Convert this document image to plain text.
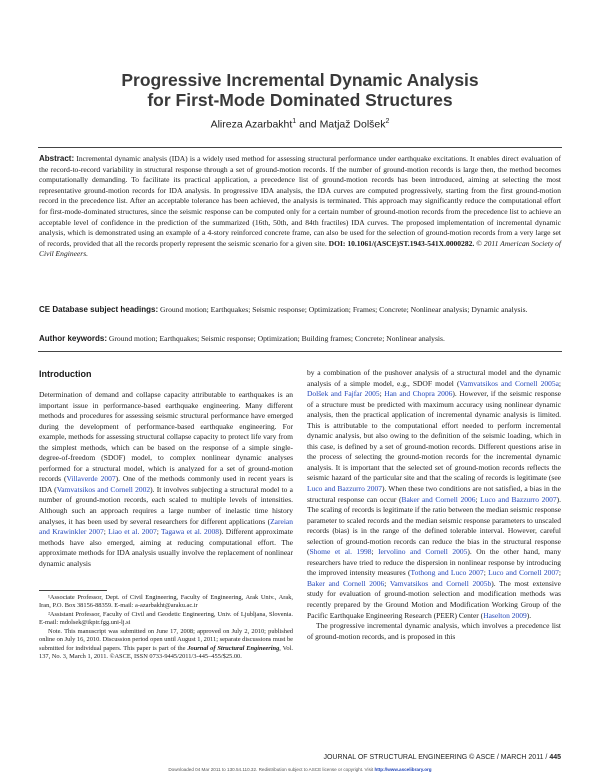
Progressive Incremental Dynamic Analysis
for First-Mode Dominated Structures
Alireza Azarbakht$^1$ and Matjaž Dolšek$^2$
Abstract: Incremental dynamic analysis (IDA) is a widely used method for assessing structural performance under earthquake excitations. It enables direct evaluation of the record-to-record variability in structural response through a set of ground-motion records. If the number of ground-motion records is large then, the method becomes computationally demanding. To facilitate its practical application, a precedence list of ground-motion records has been introduced, aiming at selecting the most representative ground-motion records for IDA analysis. In progressive IDA analysis, the IDA curves are computed progressively, starting from the first ground-motion record in the precedence list. After an acceptable tolerance has been achieved, the analysis is terminated. This approach may significantly reduce the computational effort for first-mode-dominated structures, since the seismic response can be computed only for a certain number of ground-motion records from the precedence list to achieve an acceptable level of confidence in the prediction of the summarized (16th, 50th, and 84th fractiles) IDA curves. The proposed implementation of incremental dynamic analysis, which is demonstrated using an example of a 4-story reinforced concrete frame, can also be used for the selection of ground-motion records from a very large set of records, provided that all the records properly represent the seismic scenario for a given site. DOI: 10.1061/(ASCE)ST.1943-541X.0000282. © 2011 American Society of Civil Engineers.
CE Database subject headings: Ground motion; Earthquakes; Seismic response; Optimization; Frames; Concrete; Nonlinear analysis; Dynamic analysis.
Author keywords: Ground motion; Earthquakes; Seismic response; Optimization; Building frames; Concrete; Nonlinear analysis.
Introduction

Determination of demand and collapse capacity attributable to earthquakes is an important issue in performance-based earthquake engineering. Many different methods and procedures for assessing seismic structural performance have emerged during the development of performance-based earthquake engineering. For example, methods for assessing structural collapse capacity to protect life vary from the simplest methods, which can be based on the response of a simple single-degree-of-freedom (SDOF) model, to complex nonlinear dynamic analyses performed for a structural model, which is analyzed for a set of ground-motion records (Villaverde 2007). One of the methods commonly used in recent years is IDA (Vamvatsikos and Cornell 2002). It involves subjecting a structural model to a number of ground-motion records, each scaled to multiple levels of intensities. Although such an approach requires a large number of inelastic time history analyses, it has been used by several researchers for different applications (Zareian and Krawinkler 2007; Liao et al. 2007; Tagawa et al. 2008). Different approximate methods have also emerged, aiming at reducing computational effort. The approximate methods for IDA analysis usually involve the replacement of nonlinear dynamic analysis

¹Associate Professor, Dept. of Civil Engineering, Faculty of Engineering, Arak Univ., Arak, Iran, P.O. Box 38156-88359. E-mail: a-azarbakht@araku.ac.ir

²Assistant Professor, Faculty of Civil and Geodetic Engineering, Univ. of Ljubljana, Slovenia. E-mail: mdolsek@ikpir.fgg.uni-lj.si

Note. This manuscript was submitted on June 17, 2008; approved on July 2, 2010; published online on July 16, 2010. Discussion period open until August 1, 2011; separate discussions must be submitted for individual papers. This paper is part of the Journal of Structural Engineering, Vol. 137, No. 3, March 1, 2011. ©ASCE, ISSN 0733-9445/2011/3-445–455/$25.00.

by a combination of the pushover analysis of a structural model and the dynamic analysis of a simple model, e.g., SDOF model (Vamvatsikos and Cornell 2005a; Dolšek and Fajfar 2005; Han and Chopra 2006). However, if the seismic response of a structure must be predicted with maximum accuracy using nonlinear dynamic analysis, then the practical application of incremental dynamic analysis is limited. This is attributable to the computational effort needed to perform incremental dynamic analysis, but also owing to the definition of the seismic loading, which in this case, is defined by a set of ground-motion records. Different questions arise in the process of selecting the ground-motion records for the incremental dynamic analysis. It is important that the selected set of ground-motion records reflects the seismic hazard of the particular site and that the scaling of records is legitimate (see Luco and Bazzurro 2007). When these two conditions are not satisfied, a bias in the structural response can occur (Baker and Cornell 2006; Luco and Bazzurro 2007). The scaling of records is legitimate if the ratio between the median seismic response parameter to scaled records and the median seismic response parameters to unscaled records (bias) is in the range of the defined tolerable interval. However, careful selection of ground-motion records can reduce the bias in the structural response (Shome et al. 1998; Iervolino and Cornell 2005). On the other hand, many researchers have tried to reduce the dispersion in nonlinear response by introducing the improved intensity measures (Tothong and Luco 2007; Luco and Cornell 2007; Baker and Cornell 2006; Vamvatsikos and Cornell 2005b). The most extensive study for evaluation of ground-motion selection and modification methods was recently prepared by the Ground Motion and Modification Working Group of the Pacific Earthquake Engineering Research (PEER) Center (Haselton 2009).

The progressive incremental dynamic analysis, which involves a precedence list of ground-motion records, and is proposed in this

JOURNAL OF STRUCTURAL ENGINEERING © ASCE / MARCH 2011 / 445
Downloaded 04 Mar 2011 to 130.54.110.32. Redistribution subject to ASCE license or copyright. Visit http://www.ascelibrary.org
